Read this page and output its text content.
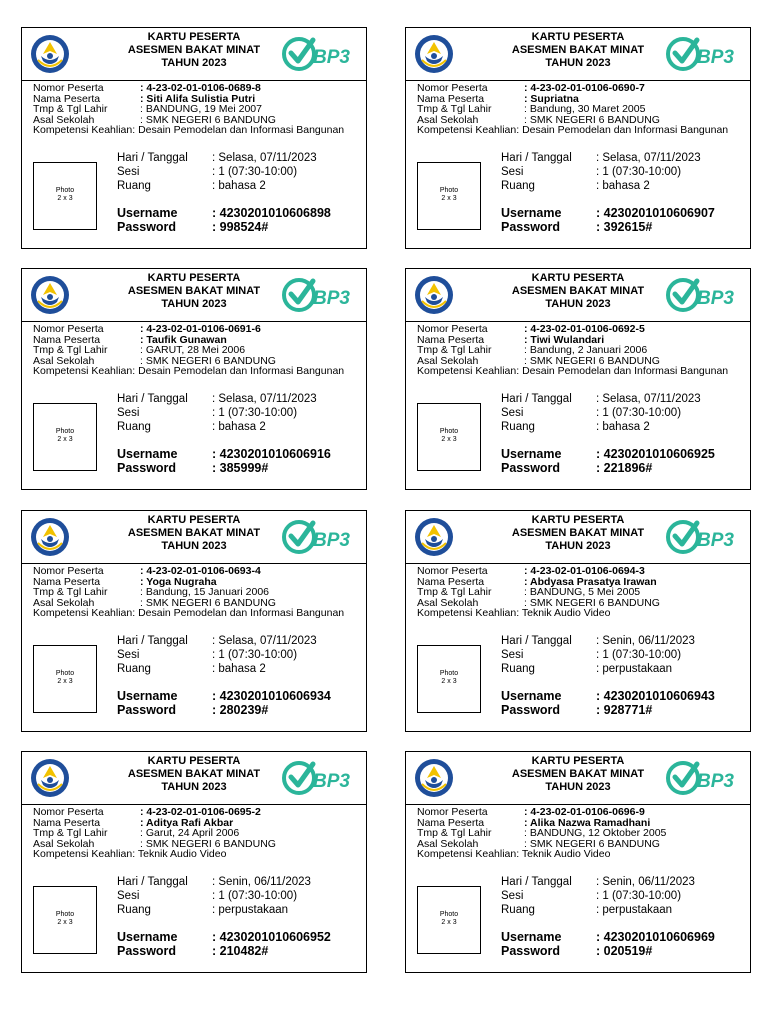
KARTU PESERTA
ASESMEN BAKAT MINAT
TAHUN 2023	BP3
Nomor Peserta	: 4-23-02-01-0106-0689-8
Nama Peserta	: Siti Alifa Sulistia Putri
Tmp & Tgl Lahir	: BANDUNG, 19 Mei 2007
Asal Sekolah	: SMK NEGERI 6 BANDUNG
Kompetensi Keahlian : Desain Pemodelan dan Informasi Bangunan
Photo
2 x 3
Hari / Tanggal	: Selasa, 07/11/2023
Sesi	: 1 (07:30-10:00)
Ruang	: bahasa 2
Username	: 4230201010606898
Password	: 998524#
KARTU PESERTA
ASESMEN BAKAT MINAT
TAHUN 2023	BP3
Nomor Peserta	: 4-23-02-01-0106-0690-7
Nama Peserta	: Supriatna
Tmp & Tgl Lahir	: Bandung, 30 Maret 2005
Asal Sekolah	: SMK NEGERI 6 BANDUNG
Kompetensi Keahlian : Desain Pemodelan dan Informasi Bangunan
Photo
2 x 3
Hari / Tanggal	: Selasa, 07/11/2023
Sesi	: 1 (07:30-10:00)
Ruang	: bahasa 2
Username	: 4230201010606907
Password	: 392615#
KARTU PESERTA
ASESMEN BAKAT MINAT
TAHUN 2023	BP3
Nomor Peserta	: 4-23-02-01-0106-0691-6
Nama Peserta	: Taufik Gunawan
Tmp & Tgl Lahir	: GARUT, 28 Mei 2006
Asal Sekolah	: SMK NEGERI 6 BANDUNG
Kompetensi Keahlian : Desain Pemodelan dan Informasi Bangunan
Photo
2 x 3
Hari / Tanggal	: Selasa, 07/11/2023
Sesi	: 1 (07:30-10:00)
Ruang	: bahasa 2
Username	: 4230201010606916
Password	: 385999#
KARTU PESERTA
ASESMEN BAKAT MINAT
TAHUN 2023	BP3
Nomor Peserta	: 4-23-02-01-0106-0692-5
Nama Peserta	: Tiwi Wulandari
Tmp & Tgl Lahir	: Bandung, 2 Januari 2006
Asal Sekolah	: SMK NEGERI 6 BANDUNG
Kompetensi Keahlian : Desain Pemodelan dan Informasi Bangunan
Photo
2 x 3
Hari / Tanggal	: Selasa, 07/11/2023
Sesi	: 1 (07:30-10:00)
Ruang	: bahasa 2
Username	: 4230201010606925
Password	: 221896#
KARTU PESERTA
ASESMEN BAKAT MINAT
TAHUN 2023	BP3
Nomor Peserta	: 4-23-02-01-0106-0693-4
Nama Peserta	: Yoga Nugraha
Tmp & Tgl Lahir	: Bandung, 15 Januari 2006
Asal Sekolah	: SMK NEGERI 6 BANDUNG
Kompetensi Keahlian : Desain Pemodelan dan Informasi Bangunan
Photo
2 x 3
Hari / Tanggal	: Selasa, 07/11/2023
Sesi	: 1 (07:30-10:00)
Ruang	: bahasa 2
Username	: 4230201010606934
Password	: 280239#
KARTU PESERTA
ASESMEN BAKAT MINAT
TAHUN 2023	BP3
Nomor Peserta	: 4-23-02-01-0106-0694-3
Nama Peserta	: Abdyasa Prasatya Irawan
Tmp & Tgl Lahir	: BANDUNG, 5 Mei 2005
Asal Sekolah	: SMK NEGERI 6 BANDUNG
Kompetensi Keahlian : Teknik Audio Video
Photo
2 x 3
Hari / Tanggal	: Senin, 06/11/2023
Sesi	: 1 (07:30-10:00)
Ruang	: perpustakaan
Username	: 4230201010606943
Password	: 928771#
KARTU PESERTA
ASESMEN BAKAT MINAT
TAHUN 2023	BP3
Nomor Peserta	: 4-23-02-01-0106-0695-2
Nama Peserta	: Aditya Rafi Akbar
Tmp & Tgl Lahir	: Garut, 24 April 2006
Asal Sekolah	: SMK NEGERI 6 BANDUNG
Kompetensi Keahlian : Teknik Audio Video
Photo
2 x 3
Hari / Tanggal	: Senin, 06/11/2023
Sesi	: 1 (07:30-10:00)
Ruang	: perpustakaan
Username	: 4230201010606952
Password	: 210482#
KARTU PESERTA
ASESMEN BAKAT MINAT
TAHUN 2023	BP3
Nomor Peserta	: 4-23-02-01-0106-0696-9
Nama Peserta	: Alika Nazwa Ramadhani
Tmp & Tgl Lahir	: BANDUNG, 12 Oktober 2005
Asal Sekolah	: SMK NEGERI 6 BANDUNG
Kompetensi Keahlian : Teknik Audio Video
Photo
2 x 3
Hari / Tanggal	: Senin, 06/11/2023
Sesi	: 1 (07:30-10:00)
Ruang	: perpustakaan
Username	: 4230201010606969
Password	: 020519#
